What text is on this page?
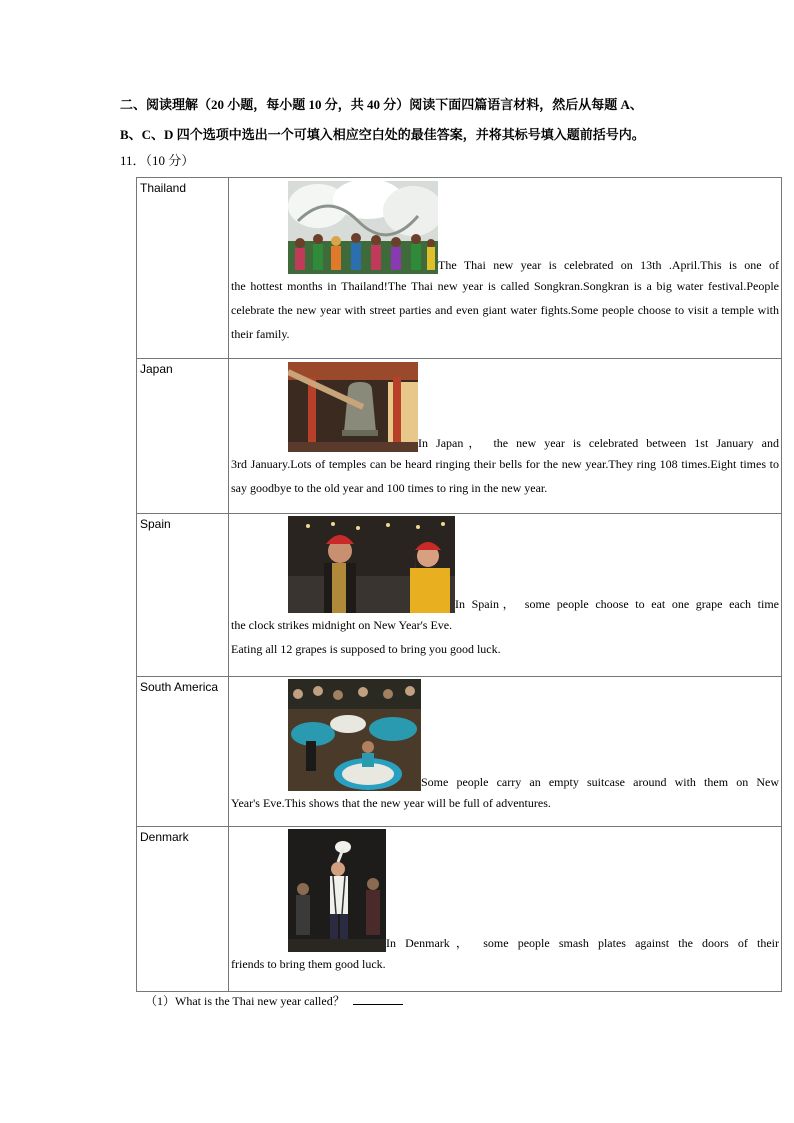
二、阅读理解（20 小题，每小题 10 分，共 40 分）阅读下面四篇语言材料，然后从每题 A、
B、C、D 四个选项中选出一个可填入相应空白处的最佳答案，并将其标号填入题前括号内。
11．（10 分）
Thailand	The Thai new year is celebrated on 13th .April.This is one of
the hottest months in Thailand!The Thai new year is called Songkran.Songkran is a big water festival.People celebrate the new year with street parties and even giant water fights.Some people choose to visit a temple with their family.

Japan	In Japan， the new year is celebrated between 1st January and
3rd January.Lots of temples can be heard ringing their bells for the new year.They ring 108 times.Eight times to say goodbye to the old year and 100 times to ring in the new year.

Spain	In Spain， some people choose to eat one grape each time
the clock strikes midnight on New Year's Eve.
Eating all 12 grapes is supposed to bring you good luck.

South America	Some people carry an empty suitcase around with them on New
Year's Eve.This shows that the new year will be full of adventures.

Denmark	In Denmark， some people smash plates against the doors of their
friends to bring them good luck.
（1）What is the Thai new year called？
